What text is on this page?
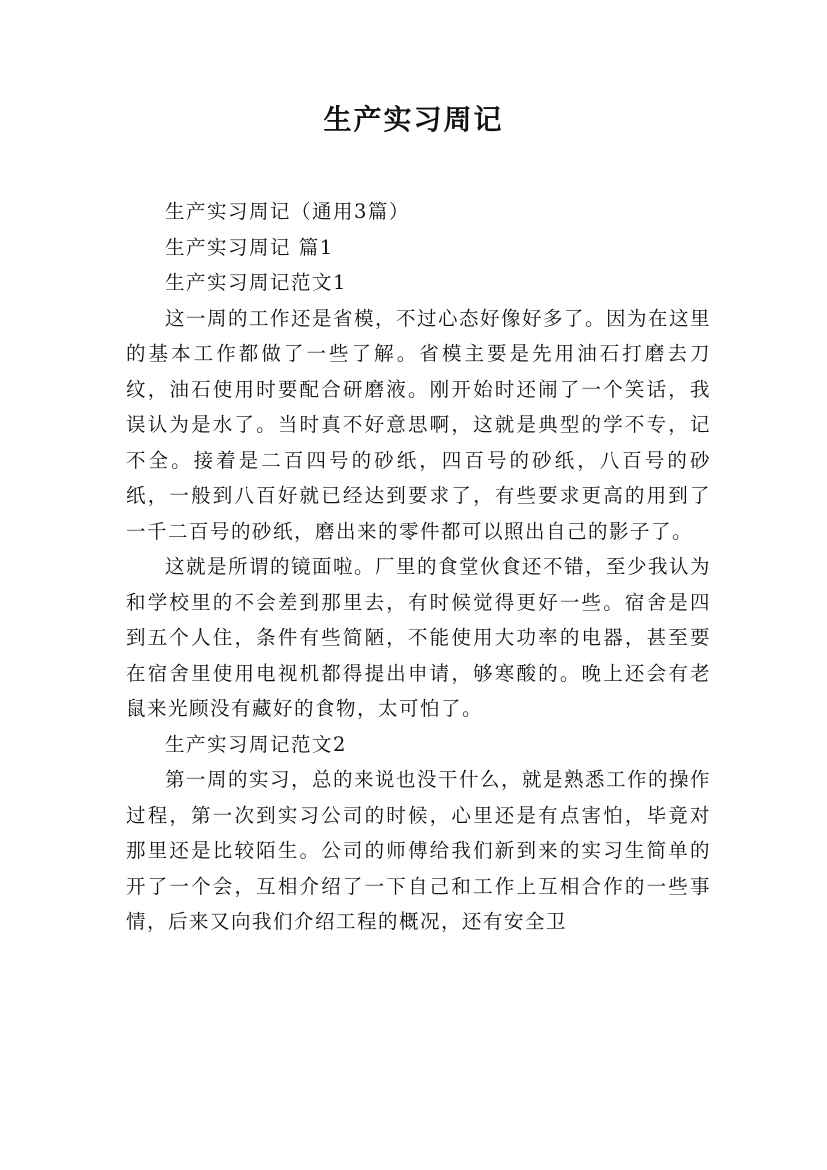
生产实习周记

生产实习周记（通用3篇）

生产实习周记 篇1

生产实习周记范文1

这一周的工作还是省模，不过心态好像好多了。因为在这里的基本工作都做了一些了解。省模主要是先用油石打磨去刀纹，油石使用时要配合研磨液。刚开始时还闹了一个笑话，我误认为是水了。当时真不好意思啊，这就是典型的学不专，记不全。接着是二百四号的砂纸，四百号的砂纸，八百号的砂纸，一般到八百好就已经达到要求了，有些要求更高的用到了一千二百号的砂纸，磨出来的零件都可以照出自己的影子了。

这就是所谓的镜面啦。厂里的食堂伙食还不错，至少我认为和学校里的不会差到那里去，有时候觉得更好一些。宿舍是四到五个人住，条件有些简陋，不能使用大功率的电器，甚至要在宿舍里使用电视机都得提出申请，够寒酸的。晚上还会有老鼠来光顾没有藏好的食物，太可怕了。

生产实习周记范文2

第一周的实习，总的来说也没干什么，就是熟悉工作的操作过程，第一次到实习公司的时候，心里还是有点害怕，毕竟对那里还是比较陌生。公司的师傅给我们新到来的实习生简单的开了一个会，互相介绍了一下自己和工作上互相合作的一些事情，后来又向我们介绍工程的概况，还有安全卫
